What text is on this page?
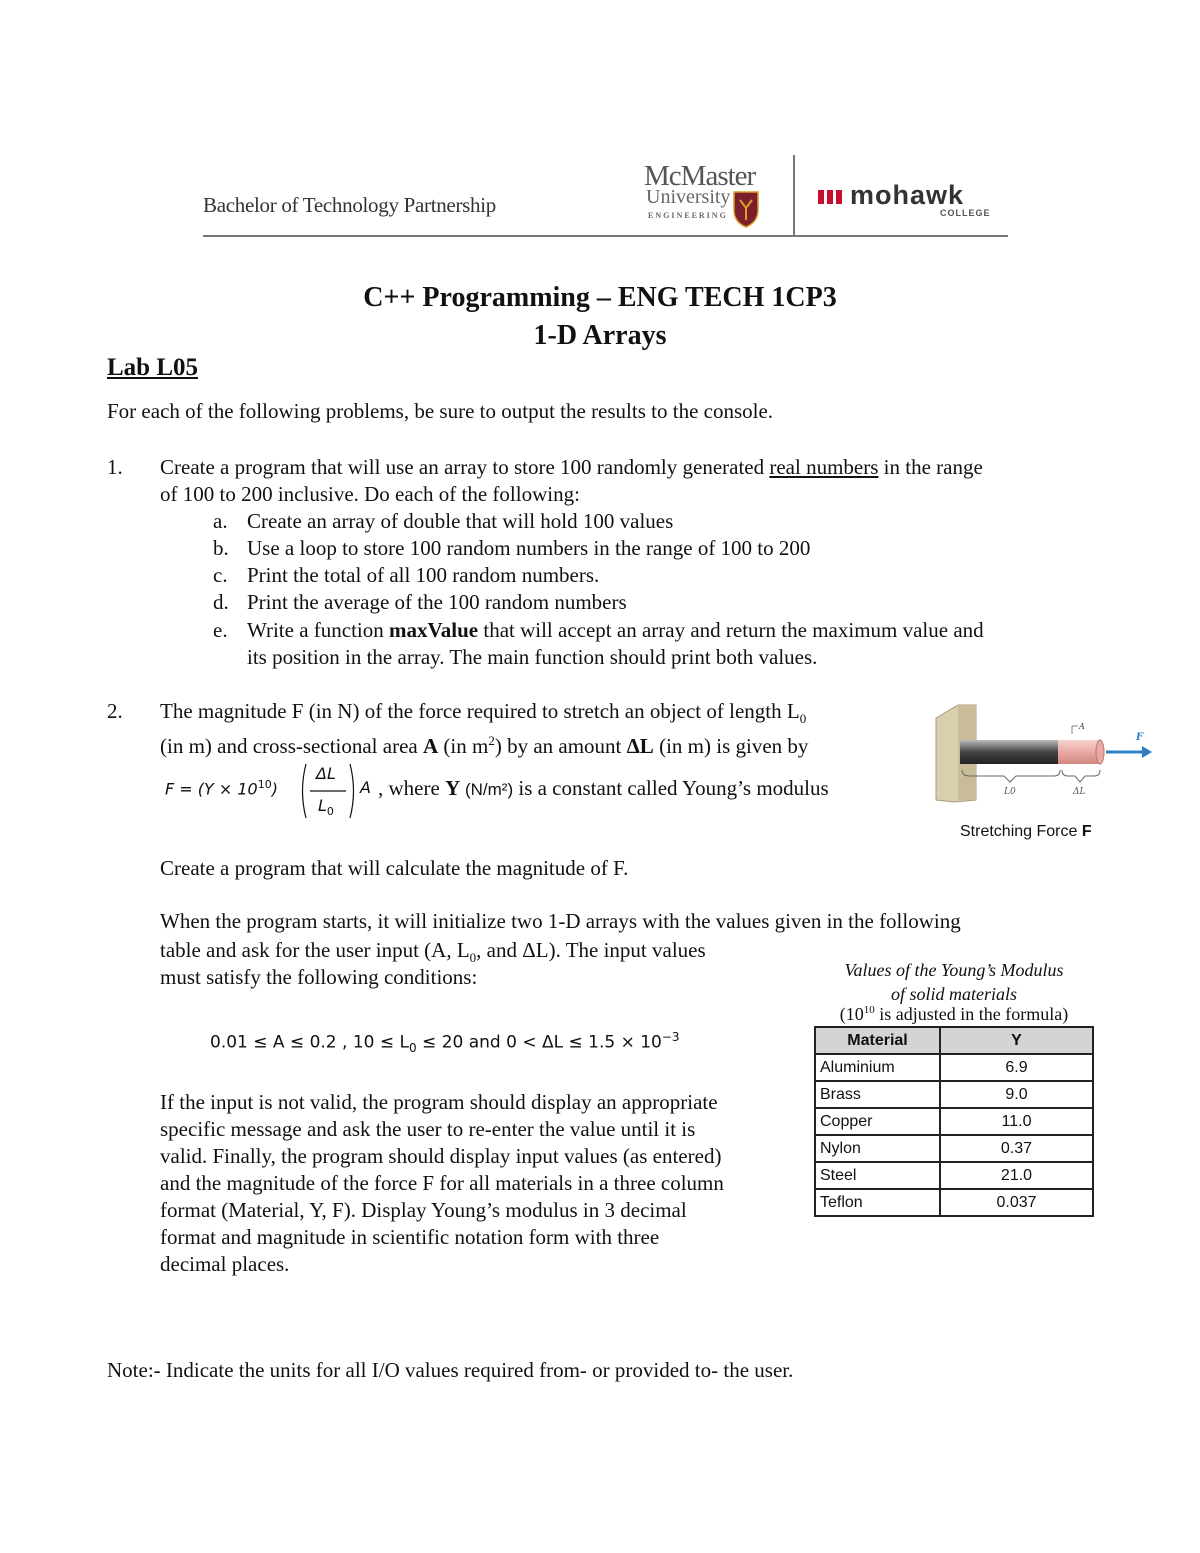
Bachelor of Technology Partnership
McMaster
University
ENGINEERING
mohawk
COLLEGE
C++ Programming – ENG TECH 1CP3
1-D Arrays
Lab L05
For each of the following problems, be sure to output the results to the console.
1. Create a program that will use an array to store 100 randomly generated real numbers in the range
of 100 to 200 inclusive. Do each of the following:
a. Create an array of double that will hold 100 values
b. Use a loop to store 100 random numbers in the range of 100 to 200
c. Print the total of all 100 random numbers.
d. Print the average of the 100 random numbers
e. Write a function maxValue that will accept an array and return the maximum value and
its position in the array. The main function should print both values.
2. The magnitude F (in N) of the force required to stretch an object of length $L_0$
(in m) and cross-sectional area A (in $m^2$) by an amount ΔL (in m) is given by
$F = (Y \times 10^{10})$
ΔL
$L_0$
A , where Y (N/m²) is a constant called Young’s modulus
A
F
L0	ΔL
Stretching Force F
Create a program that will calculate the magnitude of F.
When the program starts, it will initialize two 1-D arrays with the values given in the following
table and ask for the user input (A, $L_0$, and ΔL). The input values
must satisfy the following conditions:
0.01 ≤ A ≤ 0.2 , $10 \le L_0 \le 20$ and $0 < \Delta L \le 1.5 \times 10^{-3}$
If the input is not valid, the program should display an appropriate
specific message and ask the user to re-enter the value until it is
valid. Finally, the program should display input values (as entered)
and the magnitude of the force F for all materials in a three column
format (Material, Y, F). Display Young’s modulus in 3 decimal
format and magnitude in scientific notation form with three
decimal places.
Values of the Young’s Modulus
of solid materials
($10^{10}$ is adjusted in the formula)
Material	Y
Aluminium	6.9
Brass	9.0
Copper	11.0
Nylon	0.37
Steel	21.0
Teflon	0.037
Note:- Indicate the units for all I/O values required from- or provided to- the user.
